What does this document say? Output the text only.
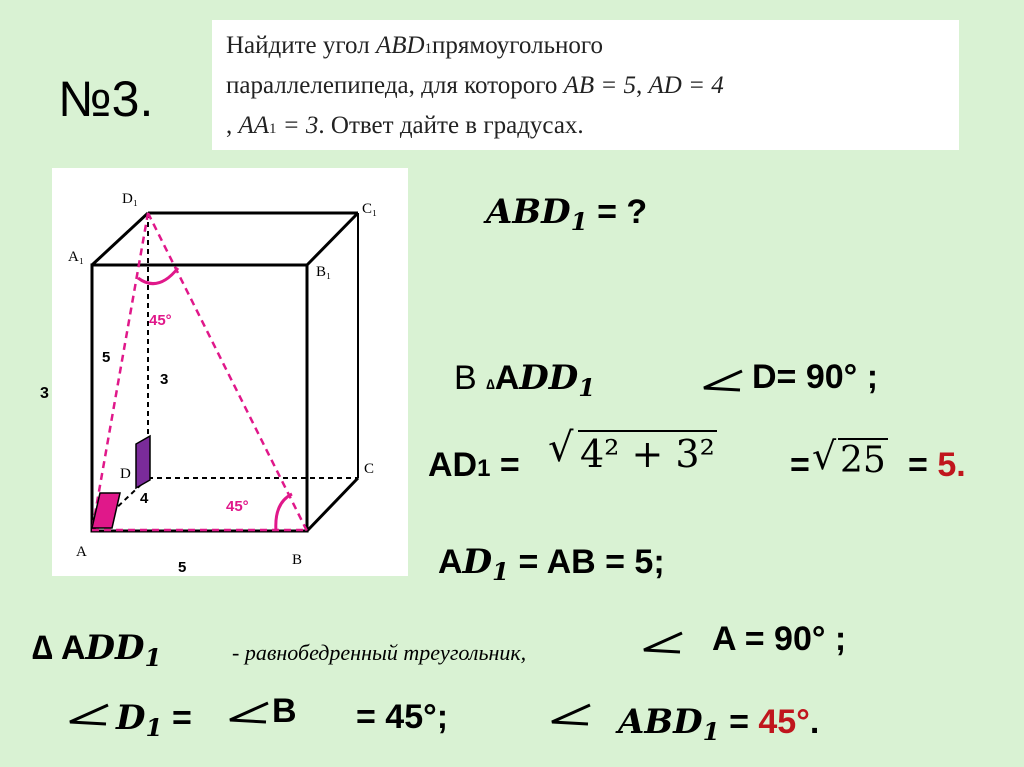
№3.
Найдите угол ABD1прямоугольного
параллелепипеда, для которого AB = 5, AD = 4
, AA1 = 3. Ответ дайте в градусах.
D₁
C₁
A₁
B₁
D	C
A	B
5
3
4
5
45°
45°
3
$ABD_1$ = ?
В $\Delta ADD_1$	D= 90° ;
AD1 = √ 4² + 3² = √ 25 = 5.
$AD_1$ = AB = 5;
∆ $ADD_1$	- равнобедренный треугольник,	A = 90° ;
$D_1 = B = 45^\circ$;	$ABD_1 = 45^\circ$.
